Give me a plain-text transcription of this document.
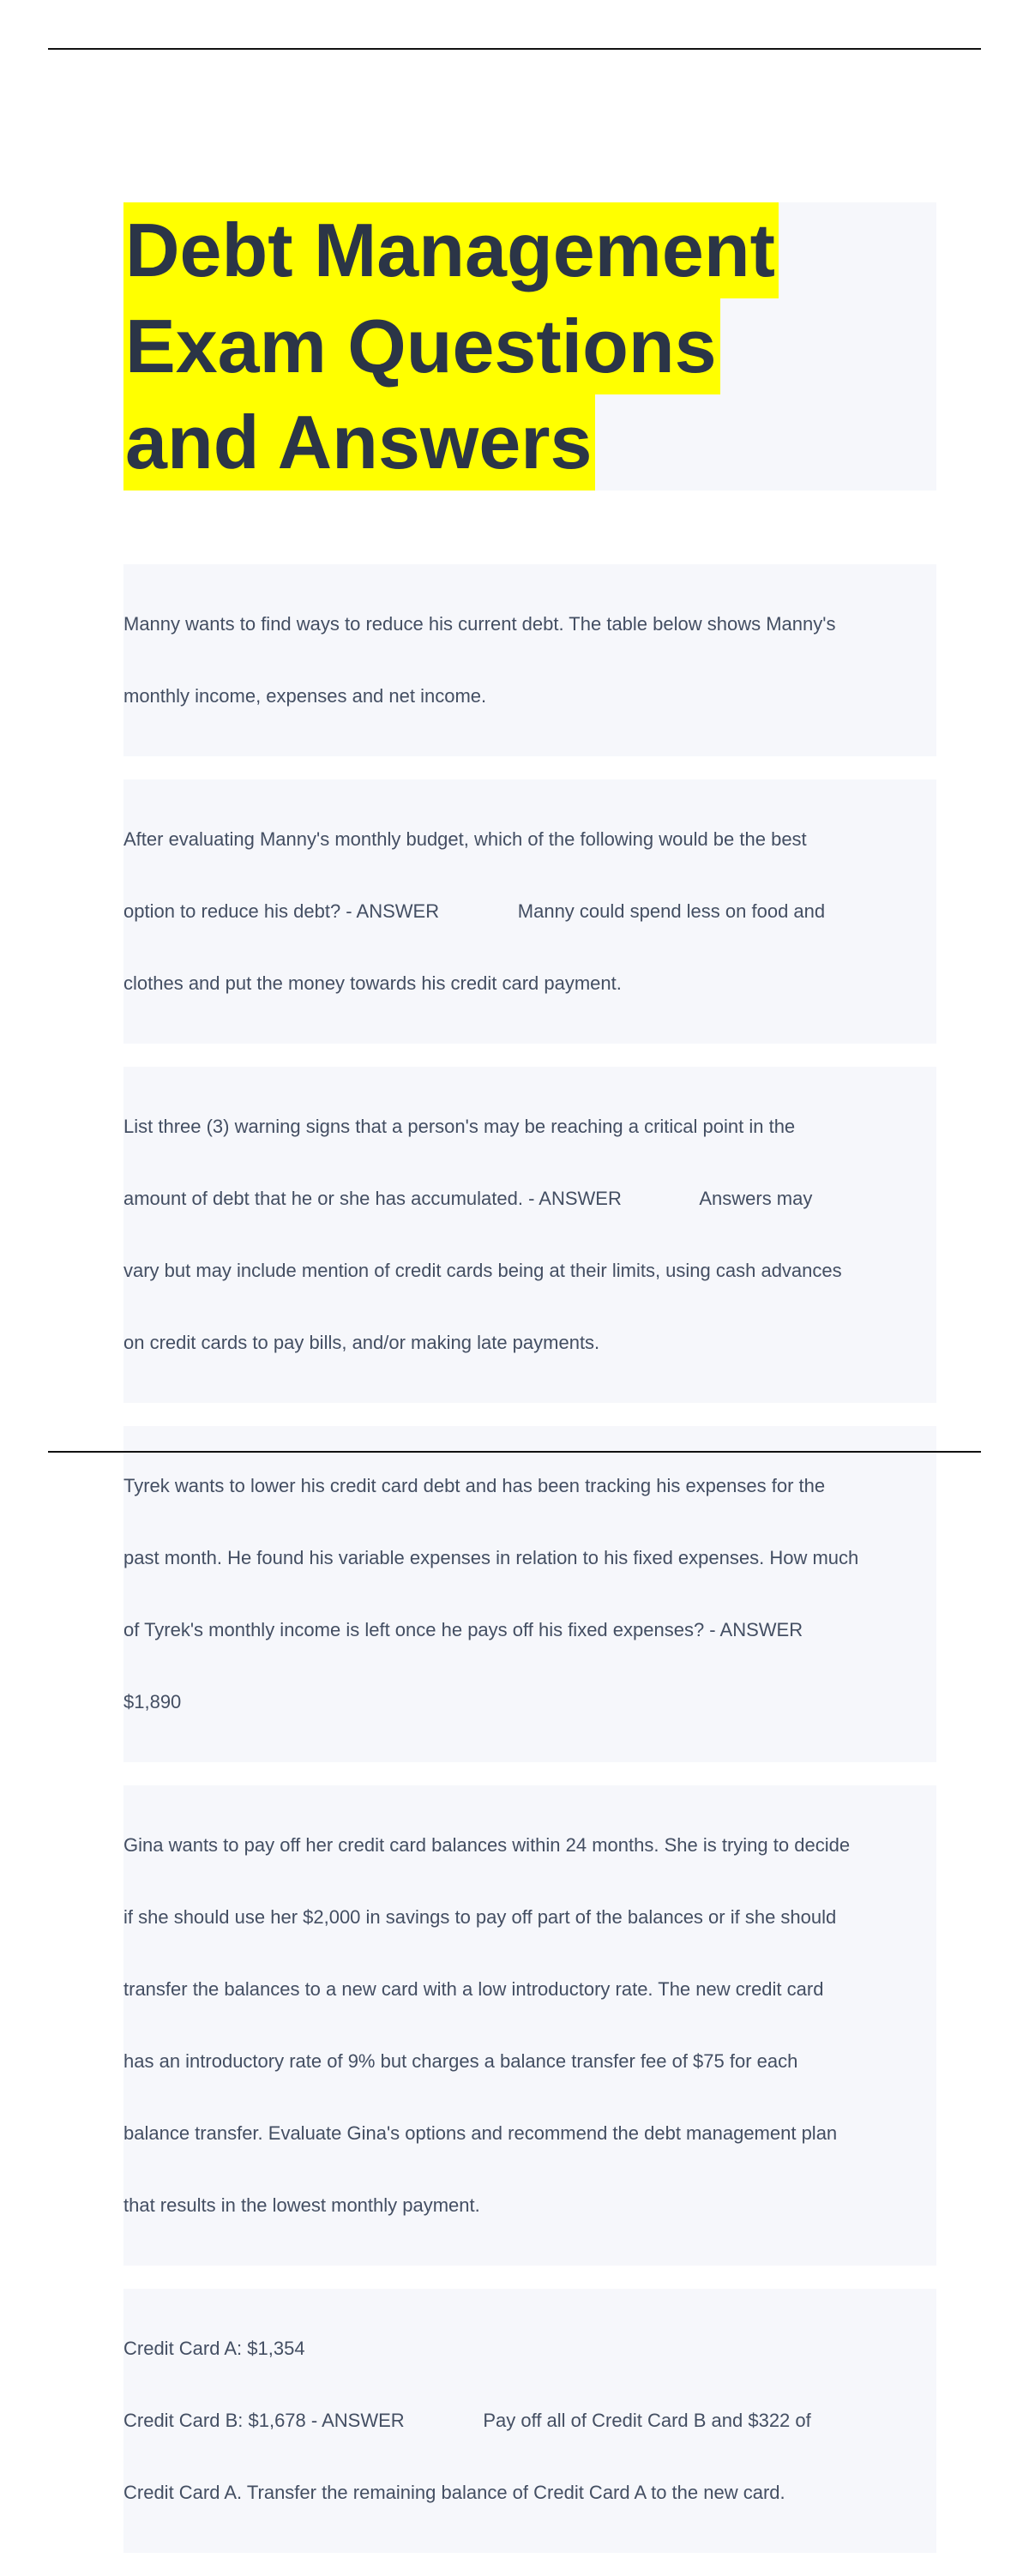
Debt Management
Exam Questions
and Answers

Manny wants to find ways to reduce his current debt. The table below shows Manny's

monthly income, expenses and net income.

After evaluating Manny's monthly budget, which of the following would be the best

option to reduce his debt? - ANSWER               Manny could spend less on food and

clothes and put the money towards his credit card payment.

List three (3) warning signs that a person's may be reaching a critical point in the

amount of debt that he or she has accumulated. - ANSWER               Answers may

vary but may include mention of credit cards being at their limits, using cash advances

on credit cards to pay bills, and/or making late payments.

Tyrek wants to lower his credit card debt and has been tracking his expenses for the

past month. He found his variable expenses in relation to his fixed expenses. How much

of Tyrek's monthly income is left once he pays off his fixed expenses? - ANSWER

$1,890

Gina wants to pay off her credit card balances within 24 months. She is trying to decide

if she should use her $2,000 in savings to pay off part of the balances or if she should

transfer the balances to a new card with a low introductory rate. The new credit card

has an introductory rate of 9% but charges a balance transfer fee of $75 for each

balance transfer. Evaluate Gina's options and recommend the debt management plan

that results in the lowest monthly payment.

Credit Card A: $1,354

Credit Card B: $1,678 - ANSWER               Pay off all of Credit Card B and $322 of

Credit Card A. Transfer the remaining balance of Credit Card A to the new card.
